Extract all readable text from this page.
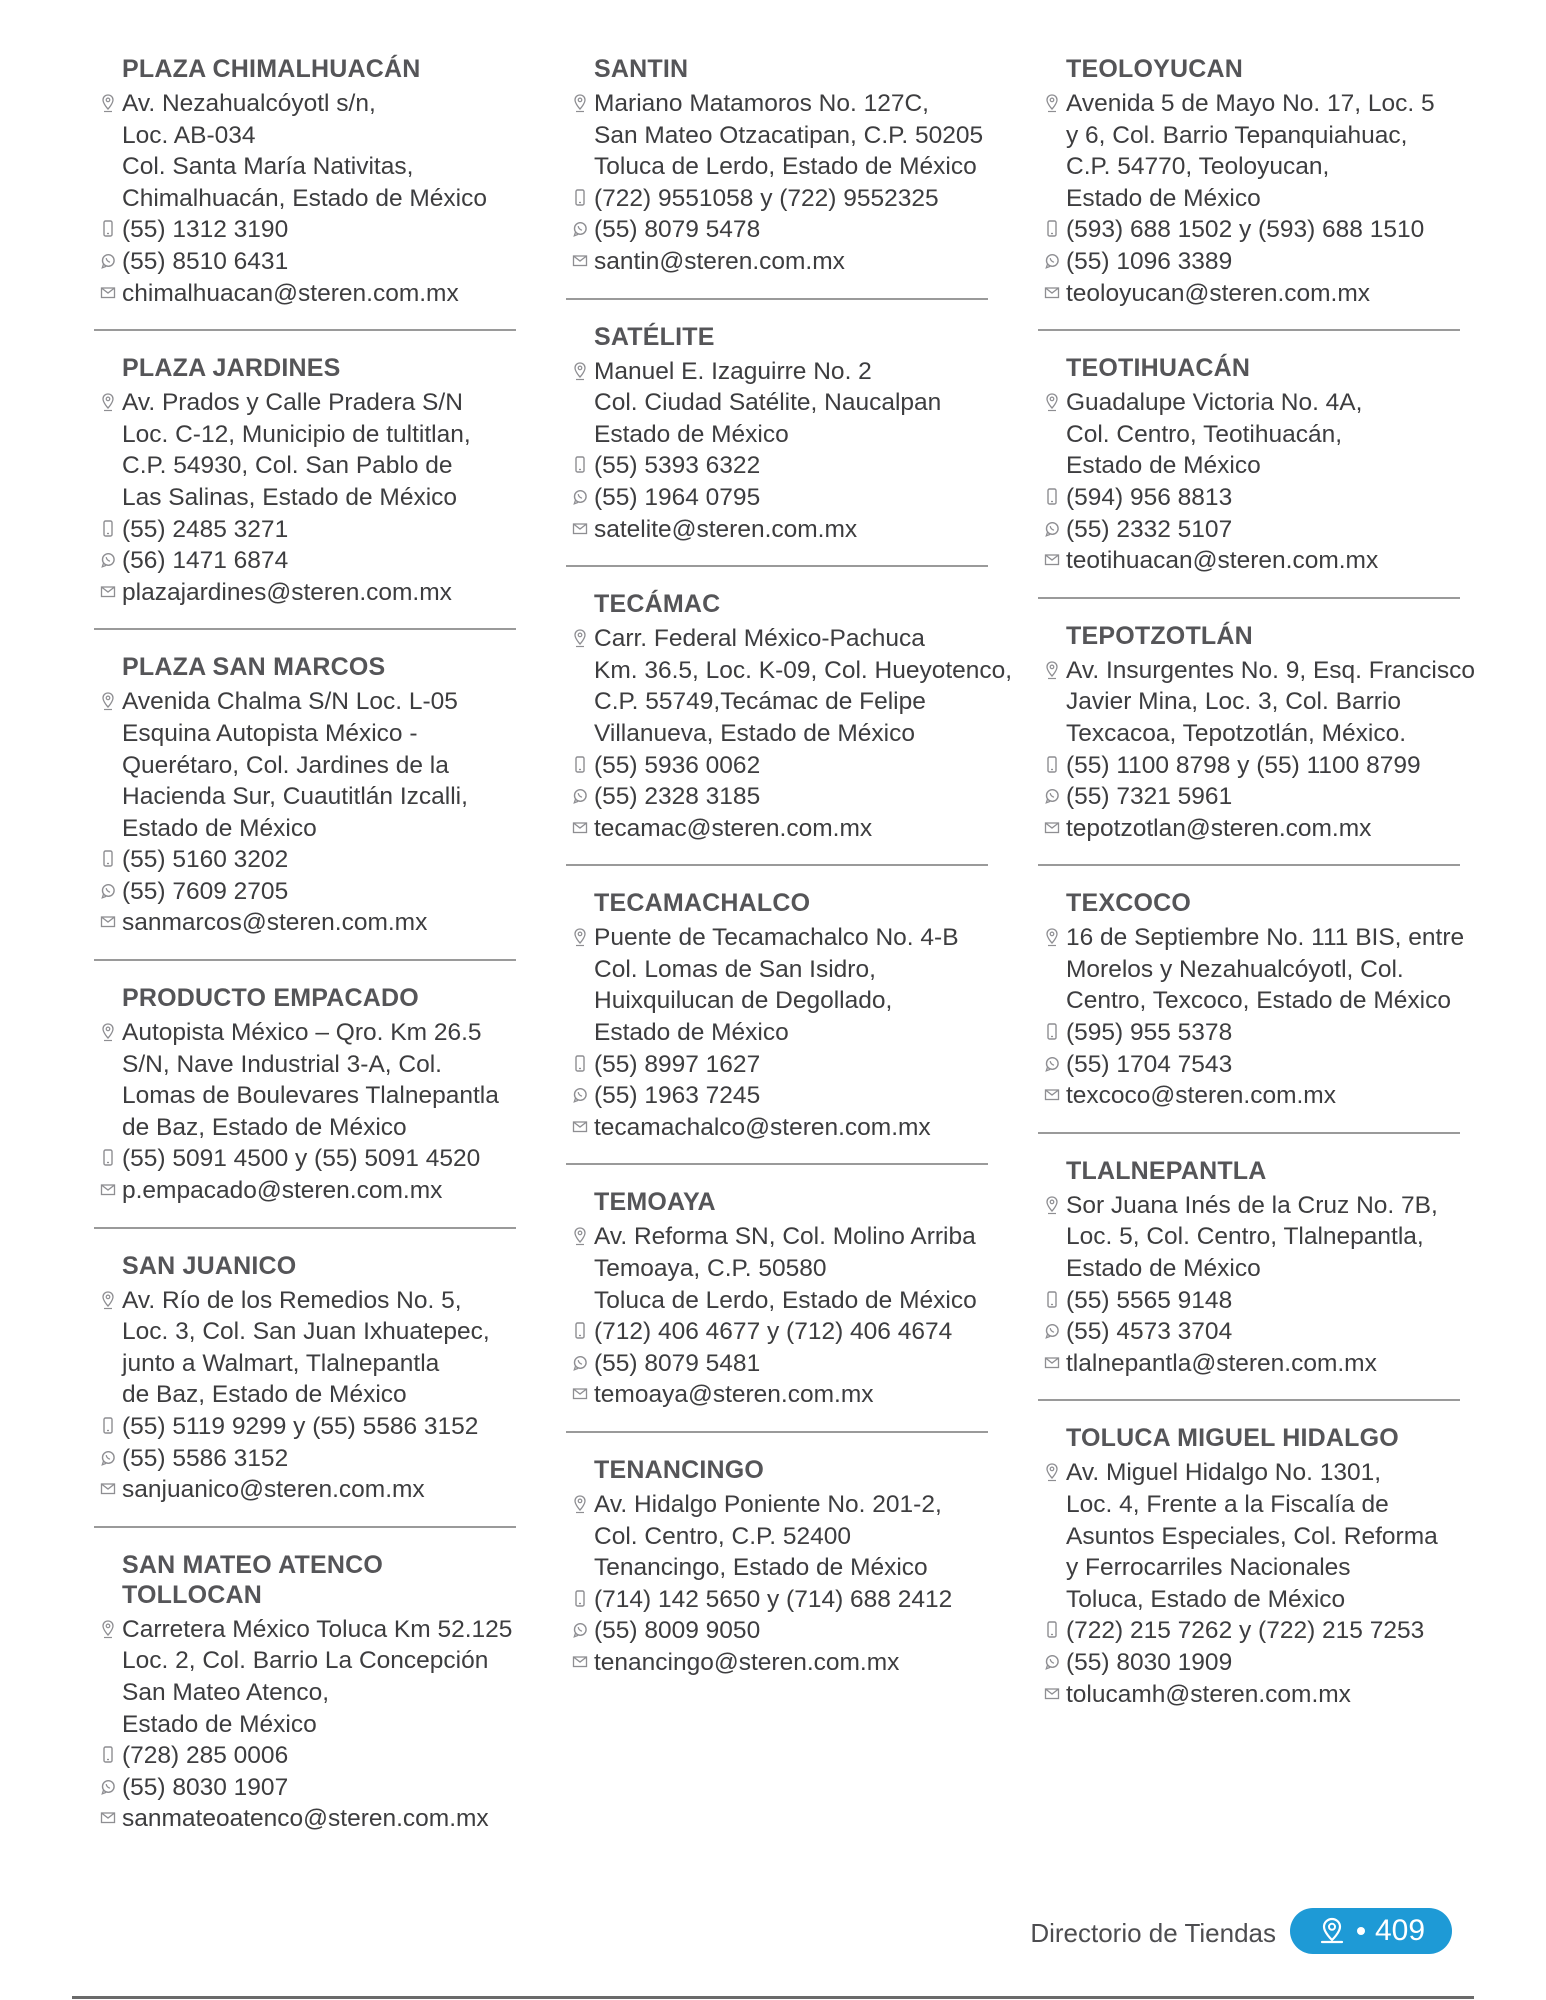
PLAZA CHIMALHUACÁN
Av. Nezahualcóyotl s/n,
Loc. AB-034
Col. Santa María Nativitas,
Chimalhuacán, Estado de México
(55) 1312 3190
(55) 8510 6431
chimalhuacan@steren.com.mx
PLAZA JARDINES
Av. Prados y Calle Pradera S/N
Loc. C-12, Municipio de tultitlan,
C.P. 54930, Col. San Pablo de
Las Salinas, Estado de México
(55) 2485 3271
(56) 1471 6874
plazajardines@steren.com.mx
PLAZA SAN MARCOS
Avenida Chalma S/N Loc. L-05
Esquina Autopista México -
Querétaro, Col. Jardines de la
Hacienda Sur, Cuautitlán Izcalli,
Estado de México
(55) 5160 3202
(55) 7609 2705
sanmarcos@steren.com.mx
PRODUCTO EMPACADO
Autopista México – Qro. Km 26.5
S/N, Nave Industrial 3-A, Col.
Lomas de Boulevares Tlalnepantla
de Baz, Estado de México
(55) 5091 4500 y (55) 5091 4520
p.empacado@steren.com.mx
SAN JUANICO
Av. Río de los Remedios No. 5,
Loc. 3, Col. San Juan Ixhuatepec,
junto a Walmart, Tlalnepantla
de Baz, Estado de México
(55) 5119 9299 y (55) 5586 3152
(55) 5586 3152
sanjuanico@steren.com.mx
SAN MATEO ATENCO TOLLOCAN
Carretera México Toluca Km 52.125
Loc. 2, Col. Barrio La Concepción
San Mateo Atenco,
Estado de México
(728) 285 0006
(55) 8030 1907
sanmateoatenco@steren.com.mx
SANTIN
Mariano Matamoros No. 127C,
San Mateo Otzacatipan, C.P. 50205
Toluca de Lerdo, Estado de México
(722) 9551058 y (722) 9552325
(55) 8079 5478
santin@steren.com.mx
SATÉLITE
Manuel E. Izaguirre No. 2
Col. Ciudad Satélite, Naucalpan
Estado de México
(55) 5393 6322
(55) 1964 0795
satelite@steren.com.mx
TECÁMAC
Carr. Federal México-Pachuca
Km. 36.5, Loc. K-09, Col. Hueyotenco,
C.P. 55749,Tecámac de Felipe
Villanueva, Estado de México
(55) 5936 0062
(55) 2328 3185
tecamac@steren.com.mx
TECAMACHALCO
Puente de Tecamachalco No. 4-B
Col. Lomas de San Isidro,
Huixquilucan de Degollado,
Estado de México
(55) 8997 1627
(55) 1963 7245
tecamachalco@steren.com.mx
TEMOAYA
Av. Reforma SN, Col. Molino Arriba
Temoaya, C.P. 50580
Toluca de Lerdo, Estado de México
(712) 406 4677 y (712) 406 4674
(55) 8079 5481
temoaya@steren.com.mx
TENANCINGO
Av. Hidalgo Poniente No. 201-2,
Col. Centro, C.P. 52400
Tenancingo, Estado de México
(714) 142 5650 y (714) 688 2412
(55) 8009 9050
tenancingo@steren.com.mx
TEOLOYUCAN
Avenida 5 de Mayo No. 17, Loc. 5
y 6, Col. Barrio Tepanquiahuac,
C.P. 54770, Teoloyucan,
Estado de México
(593) 688 1502 y (593) 688 1510
(55) 1096 3389
teoloyucan@steren.com.mx
TEOTIHUACÁN
Guadalupe Victoria No. 4A,
Col. Centro, Teotihuacán,
Estado de México
(594) 956 8813
(55) 2332 5107
teotihuacan@steren.com.mx
TEPOTZOTLÁN
Av. Insurgentes No. 9, Esq. Francisco
Javier Mina, Loc. 3, Col. Barrio
Texcacoa, Tepotzotlán, México.
(55) 1100 8798 y (55) 1100 8799
(55) 7321 5961
tepotzotlan@steren.com.mx
TEXCOCO
16 de Septiembre No. 111 BIS, entre
Morelos y Nezahualcóyotl, Col.
Centro, Texcoco, Estado de México
(595) 955 5378
(55) 1704 7543
texcoco@steren.com.mx
TLALNEPANTLA
Sor Juana Inés de la Cruz No. 7B,
Loc. 5, Col. Centro, Tlalnepantla,
Estado de México
(55) 5565 9148
(55) 4573 3704
tlalnepantla@steren.com.mx
TOLUCA MIGUEL HIDALGO
Av. Miguel Hidalgo No. 1301,
Loc. 4, Frente a la Fiscalía de
Asuntos Especiales, Col. Reforma
y Ferrocarriles Nacionales
Toluca, Estado de México
(722) 215 7262 y (722) 215 7253
(55) 8030 1909
tolucamh@steren.com.mx
Directorio de Tiendas	409
